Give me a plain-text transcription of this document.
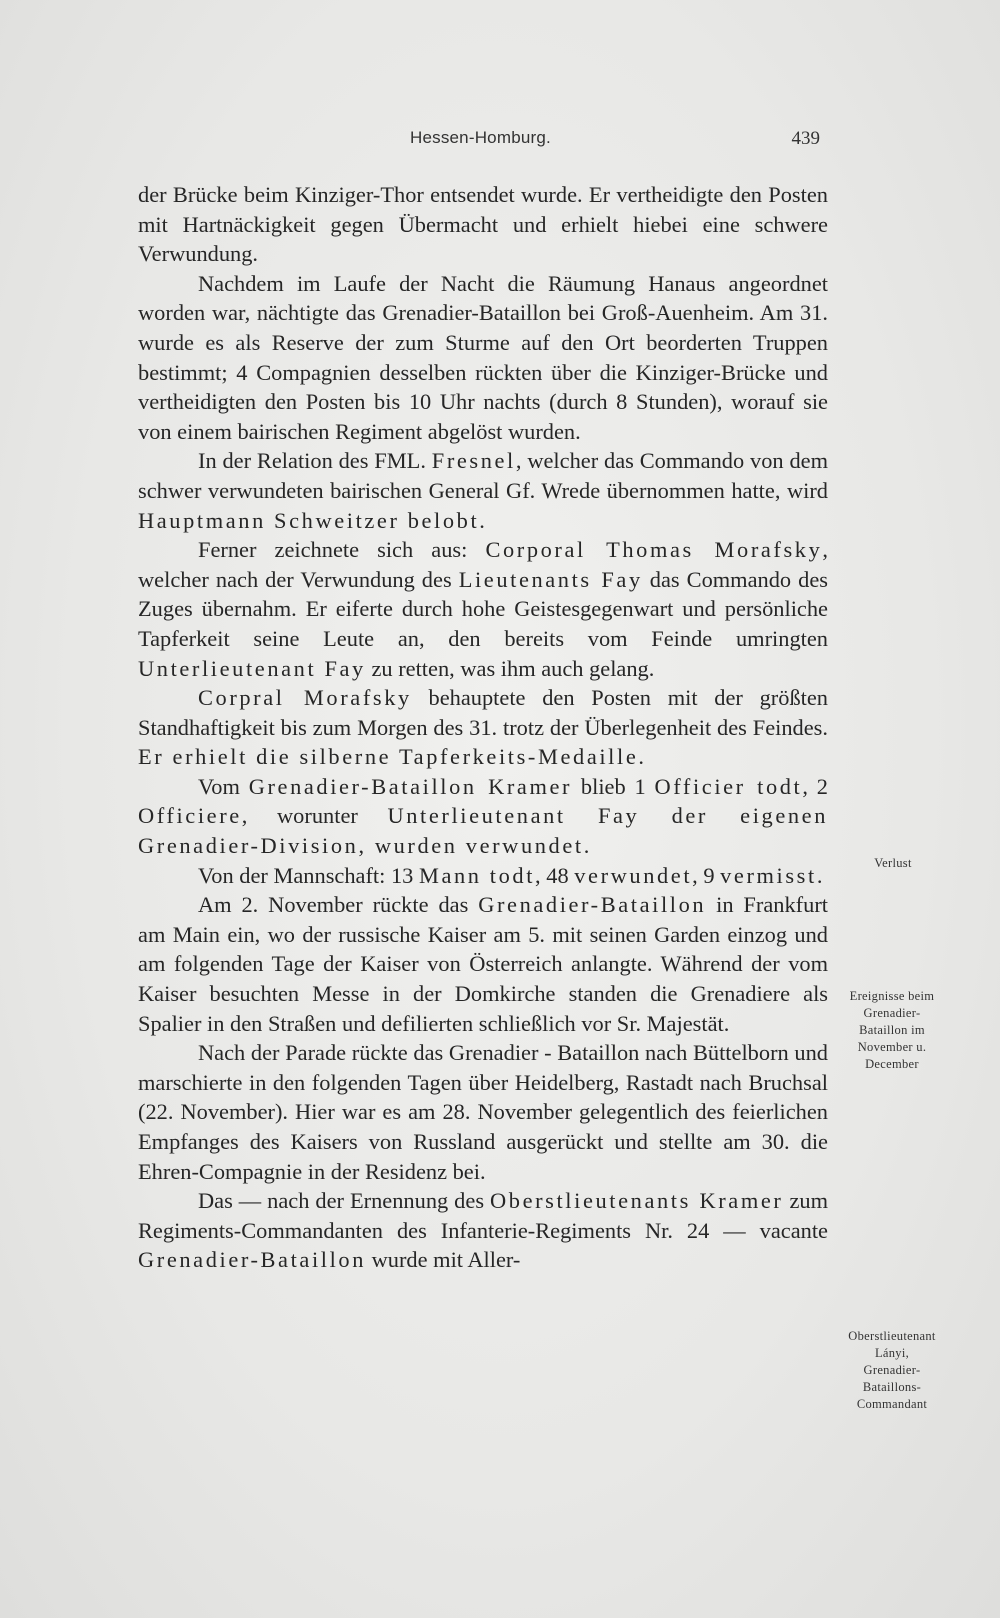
Hessen-Homburg.	439

der Brücke beim Kinziger-Thor entsendet wurde. Er vertheidigte den Posten mit Hartnäckigkeit gegen Übermacht und erhielt hiebei eine schwere Verwundung.

Nachdem im Laufe der Nacht die Räumung Hanaus angeordnet worden war, nächtigte das Grenadier-Bataillon bei Groß-Auenheim. Am 31. wurde es als Reserve der zum Sturme auf den Ort beorderten Truppen bestimmt; 4 Compagnien desselben rückten über die Kinziger-Brücke und vertheidigten den Posten bis 10 Uhr nachts (durch 8 Stunden), worauf sie von einem bairischen Regiment abgelöst wurden.

In der Relation des FML. Fresnel, welcher das Commando von dem schwer verwundeten bairischen General Gf. Wrede übernommen hatte, wird Hauptmann Schweitzer belobt.

Ferner zeichnete sich aus: Corporal Thomas Morafsky, welcher nach der Verwundung des Lieutenants Fay das Commando des Zuges übernahm. Er eiferte durch hohe Geistesgegenwart und persönliche Tapferkeit seine Leute an, den bereits vom Feinde umringten Unterlieutenant Fay zu retten, was ihm auch gelang.

Corpral Morafsky behauptete den Posten mit der größten Standhaftigkeit bis zum Morgen des 31. trotz der Überlegenheit des Feindes. Er erhielt die silberne Tapferkeits-Medaille.

Vom Grenadier-Bataillon Kramer blieb 1 Officier todt, 2 Officiere, worunter Unterlieutenant Fay der eigenen Grenadier-Division, wurden verwundet.

Von der Mannschaft: 13 Mann todt, 48 verwundet, 9 vermisst.

Am 2. November rückte das Grenadier-Bataillon in Frankfurt am Main ein, wo der russische Kaiser am 5. mit seinen Garden einzog und am folgenden Tage der Kaiser von Österreich anlangte. Während der vom Kaiser besuchten Messe in der Domkirche standen die Grenadiere als Spalier in den Straßen und defilierten schließlich vor Sr. Majestät.

Nach der Parade rückte das Grenadier - Bataillon nach Büttelborn und marschierte in den folgenden Tagen über Heidelberg, Rastadt nach Bruchsal (22. November). Hier war es am 28. November gelegentlich des feierlichen Empfanges des Kaisers von Russland ausgerückt und stellte am 30. die Ehren-Compagnie in der Residenz bei.

Das — nach der Ernennung des Oberstlieutenants Kramer zum Regiments-Commandanten des Infanterie-Regiments Nr. 24 — vacante Grenadier-Bataillon wurde mit Aller-

Verlust
Ereignisse beim
Grenadier-
Bataillon im
November u.
December
Oberstlieutenant
Lányi,
Grenadier-
Bataillons-
Commandant
